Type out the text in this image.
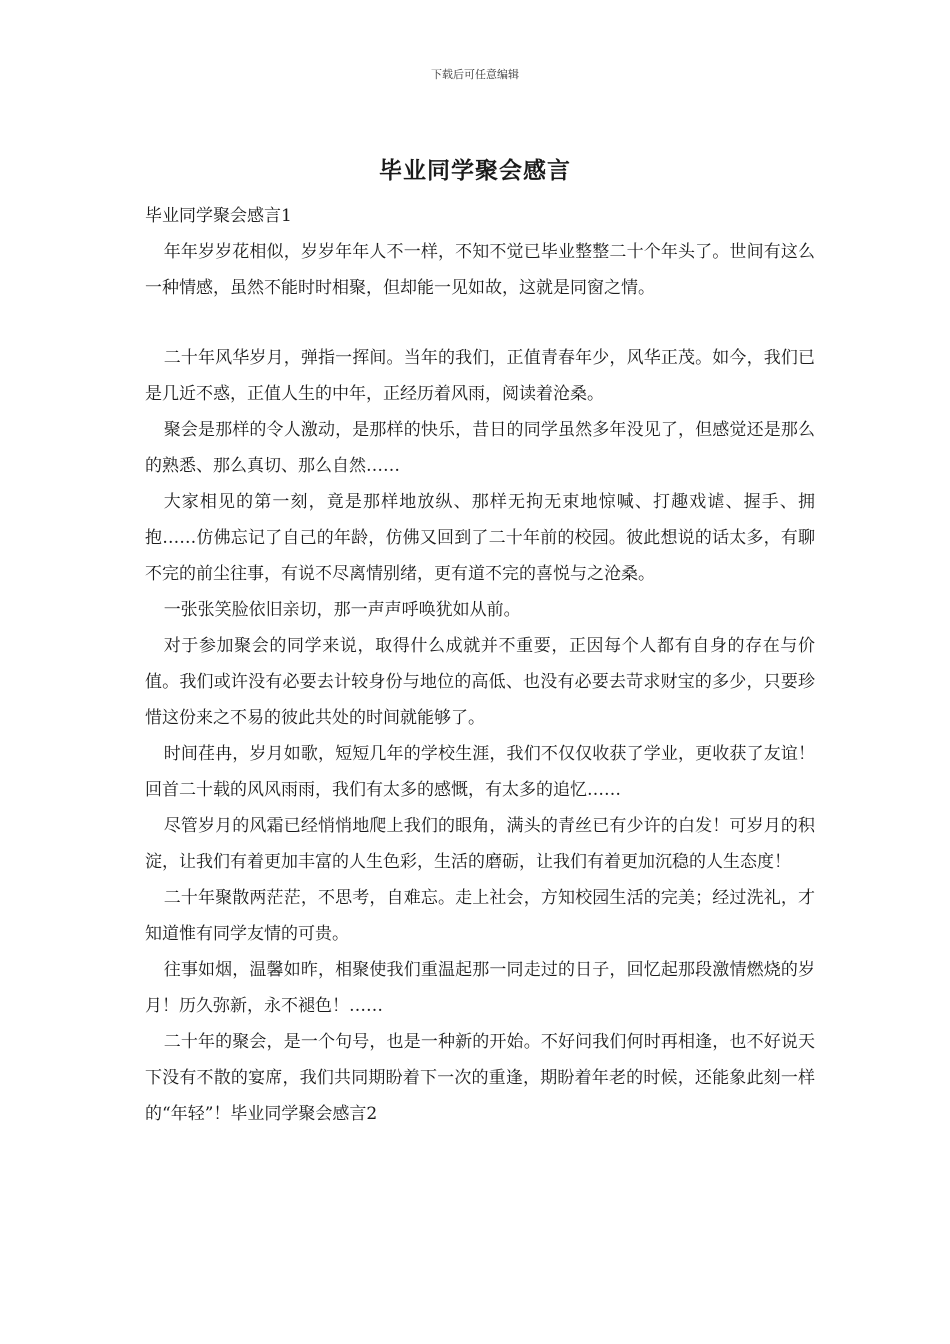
下载后可任意编辑
毕业同学聚会感言

毕业同学聚会感言1

年年岁岁花相似，岁岁年年人不一样，不知不觉已毕业整整二十个年头了。世间有这么一种情感，虽然不能时时相聚，但却能一见如故，这就是同窗之情。

二十年风华岁月，弹指一挥间。当年的我们，正值青春年少，风华正茂。如今，我们已是几近不惑，正值人生的中年，正经历着风雨，阅读着沧桑。

聚会是那样的令人激动，是那样的快乐，昔日的同学虽然多年没见了，但感觉还是那么的熟悉、那么真切、那么自然……

大家相见的第一刻，竟是那样地放纵、那样无拘无束地惊喊、打趣戏谑、握手、拥抱……仿佛忘记了自己的年龄，仿佛又回到了二十年前的校园。彼此想说的话太多，有聊不完的前尘往事，有说不尽离情别绪，更有道不完的喜悦与之沧桑。

一张张笑脸依旧亲切，那一声声呼唤犹如从前。

对于参加聚会的同学来说，取得什么成就并不重要，正因每个人都有自身的存在与价值。我们或许没有必要去计较身份与地位的高低、也没有必要去苛求财宝的多少，只要珍惜这份来之不易的彼此共处的时间就能够了。

时间荏冉，岁月如歌，短短几年的学校生涯，我们不仅仅收获了学业，更收获了友谊！回首二十载的风风雨雨，我们有太多的感慨，有太多的追忆……

尽管岁月的风霜已经悄悄地爬上我们的眼角，满头的青丝已有少许的白发！可岁月的积淀，让我们有着更加丰富的人生色彩，生活的磨砺，让我们有着更加沉稳的人生态度！

二十年聚散两茫茫，不思考，自难忘。走上社会，方知校园生活的完美；经过洗礼，才知道惟有同学友情的可贵。

往事如烟，温馨如昨，相聚使我们重温起那一同走过的日子，回忆起那段激情燃烧的岁月！历久弥新，永不褪色！……

二十年的聚会，是一个句号，也是一种新的开始。不好问我们何时再相逢，也不好说天下没有不散的宴席，我们共同期盼着下一次的重逢，期盼着年老的时候，还能象此刻一样的“年轻”！毕业同学聚会感言2
